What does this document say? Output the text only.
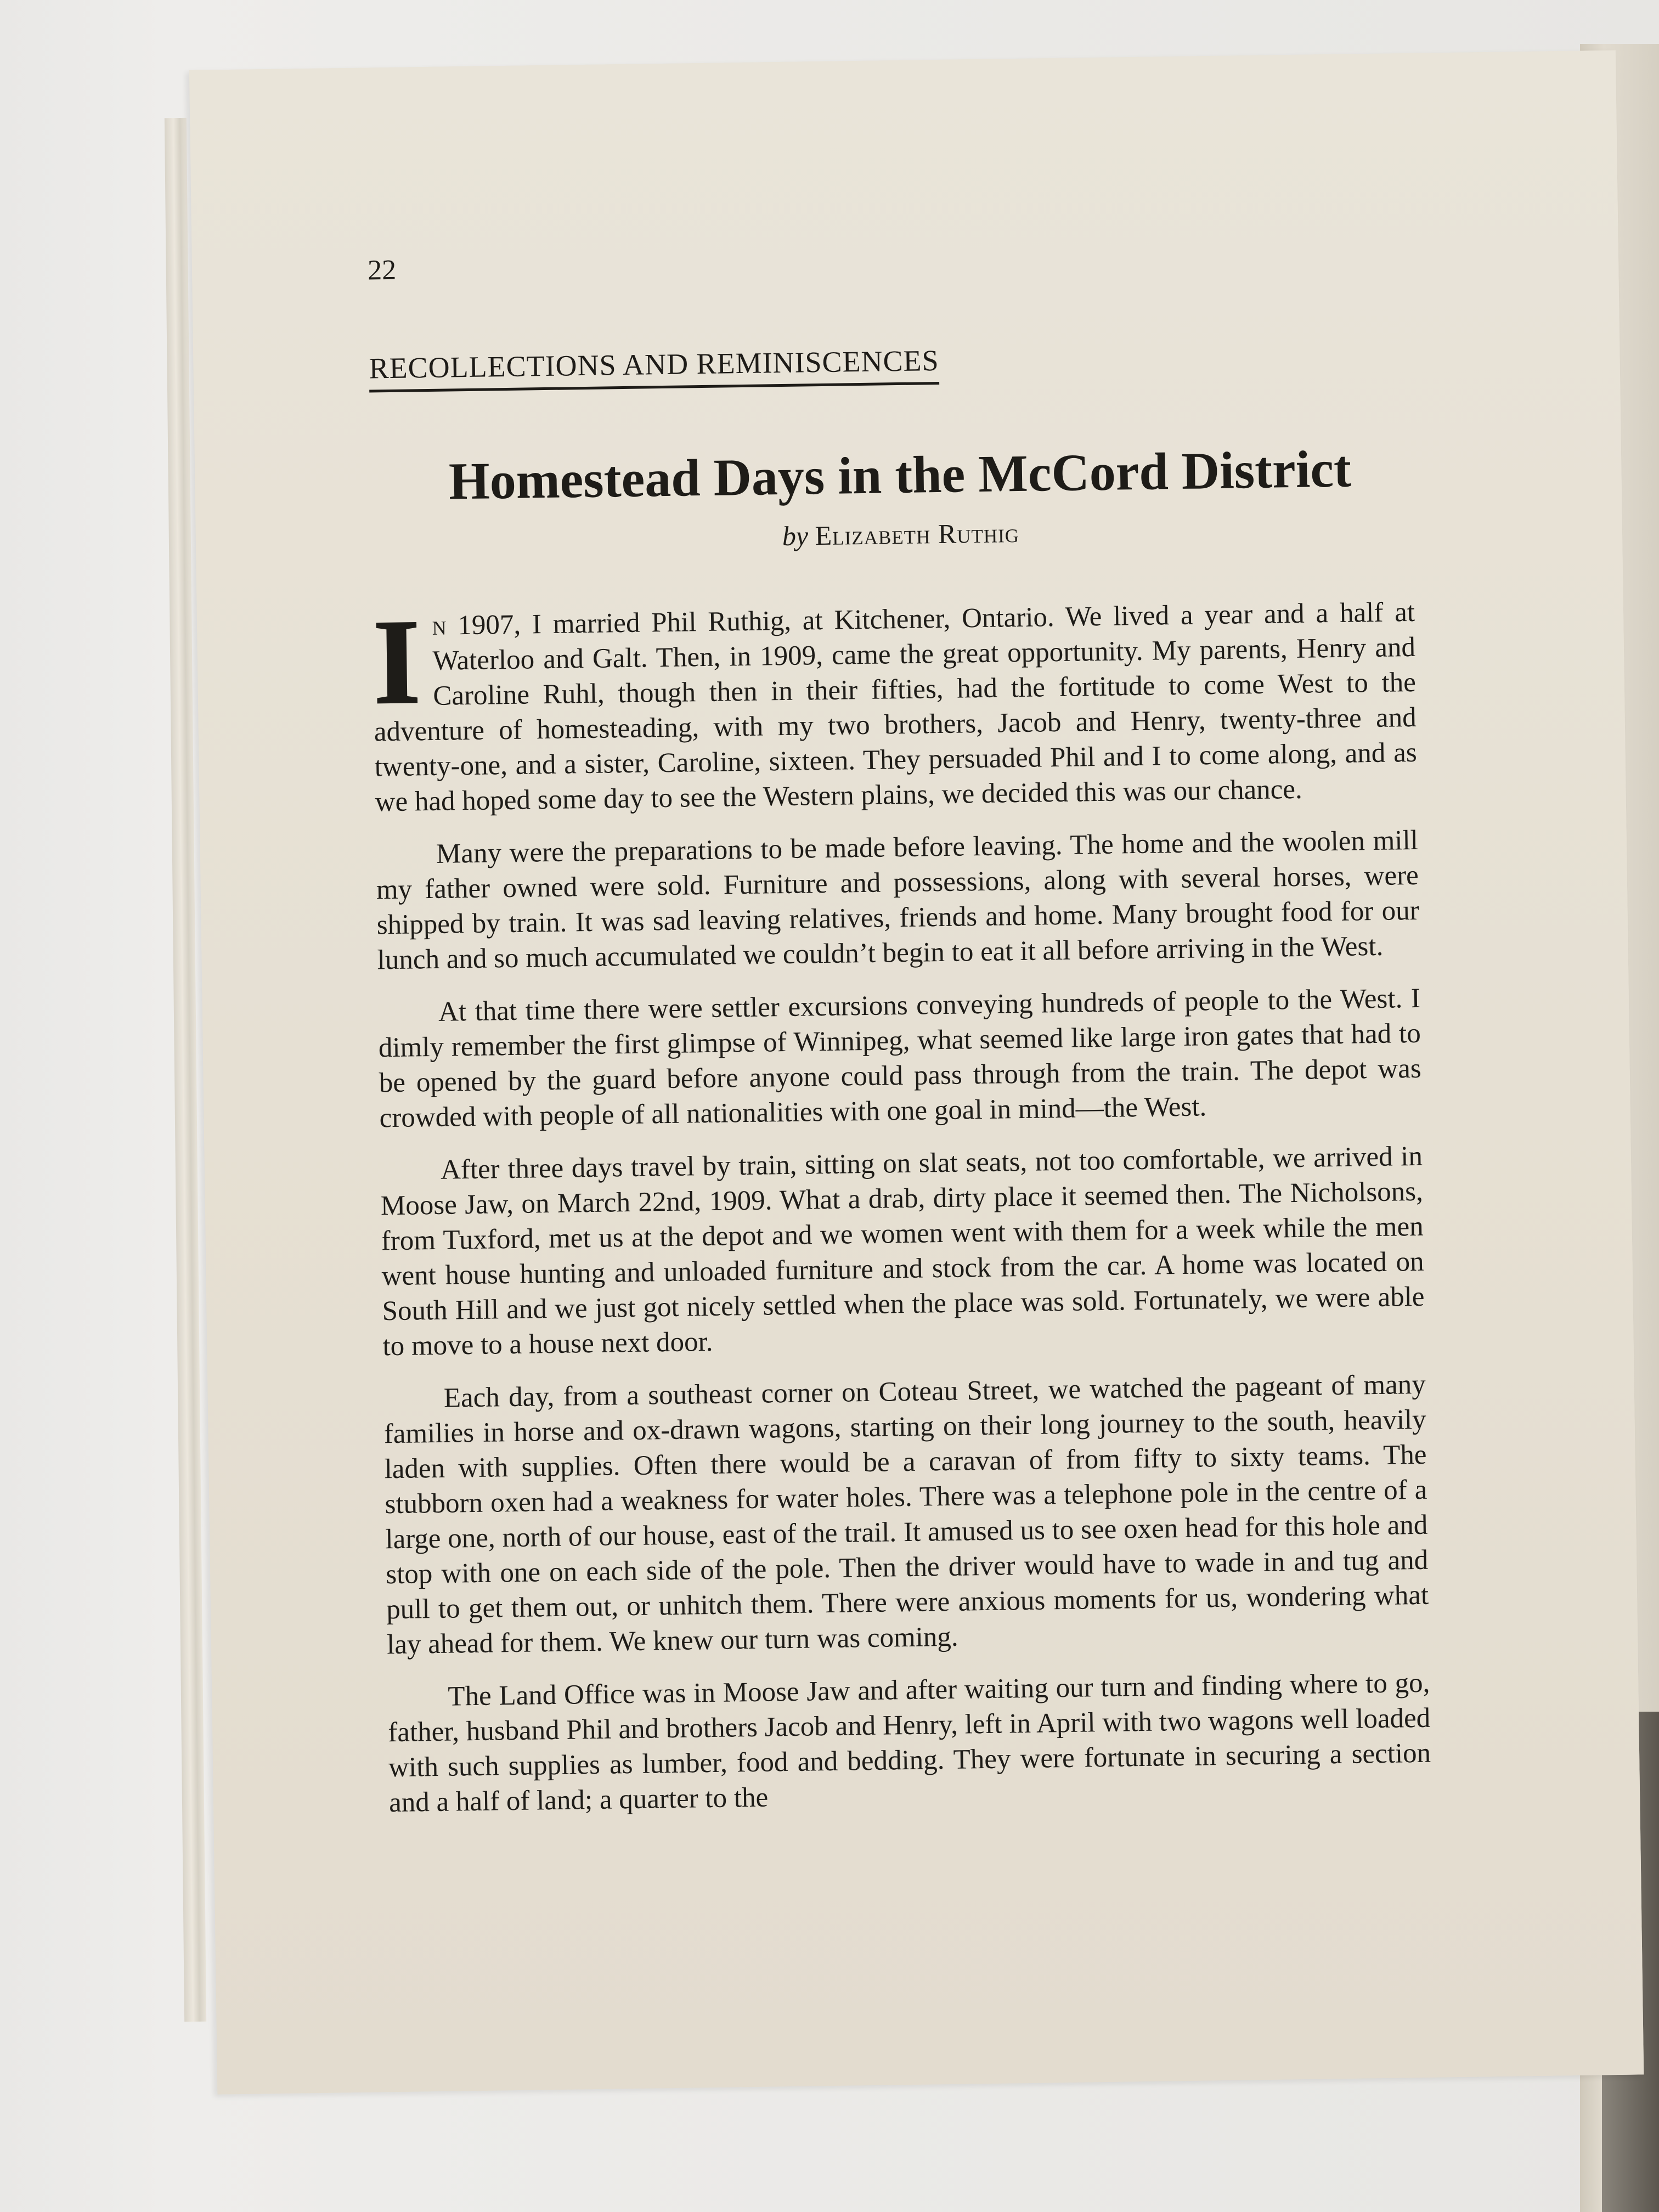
22
RECOLLECTIONS AND REMINISCENCES
Homestead Days in the McCord District
by Elizabeth Ruthig

In 1907, I married Phil Ruthig, at Kitchener, Ontario. We lived a year and a half at Waterloo and Galt. Then, in 1909, came the great opportunity. My parents, Henry and Caroline Ruhl, though then in their fifties, had the fortitude to come West to the adventure of homesteading, with my two brothers, Jacob and Henry, twenty-three and twenty-one, and a sister, Caroline, sixteen. They persuaded Phil and I to come along, and as we had hoped some day to see the Western plains, we decided this was our chance.

Many were the preparations to be made before leaving. The home and the woolen mill my father owned were sold. Furniture and possessions, along with several horses, were shipped by train. It was sad leaving relatives, friends and home. Many brought food for our lunch and so much accumulated we couldn’t begin to eat it all before arriving in the West.

At that time there were settler excursions conveying hundreds of people to the West. I dimly remember the first glimpse of Winnipeg, what seemed like large iron gates that had to be opened by the guard before anyone could pass through from the train. The depot was crowded with people of all nationalities with one goal in mind—the West.

After three days travel by train, sitting on slat seats, not too comfortable, we arrived in Moose Jaw, on March 22nd, 1909. What a drab, dirty place it seemed then. The Nicholsons, from Tuxford, met us at the depot and we women went with them for a week while the men went house hunting and unloaded furniture and stock from the car. A home was located on South Hill and we just got nicely settled when the place was sold. Fortunately, we were able to move to a house next door.

Each day, from a southeast corner on Coteau Street, we watched the pageant of many families in horse and ox-drawn wagons, starting on their long journey to the south, heavily laden with supplies. Often there would be a caravan of from fifty to sixty teams. The stubborn oxen had a weakness for water holes. There was a telephone pole in the centre of a large one, north of our house, east of the trail. It amused us to see oxen head for this hole and stop with one on each side of the pole. Then the driver would have to wade in and tug and pull to get them out, or unhitch them. There were anxious moments for us, wondering what lay ahead for them. We knew our turn was coming.

The Land Office was in Moose Jaw and after waiting our turn and finding where to go, father, husband Phil and brothers Jacob and Henry, left in April with two wagons well loaded with such supplies as lumber, food and bedding. They were fortunate in securing a section and a half of land; a quarter to the
